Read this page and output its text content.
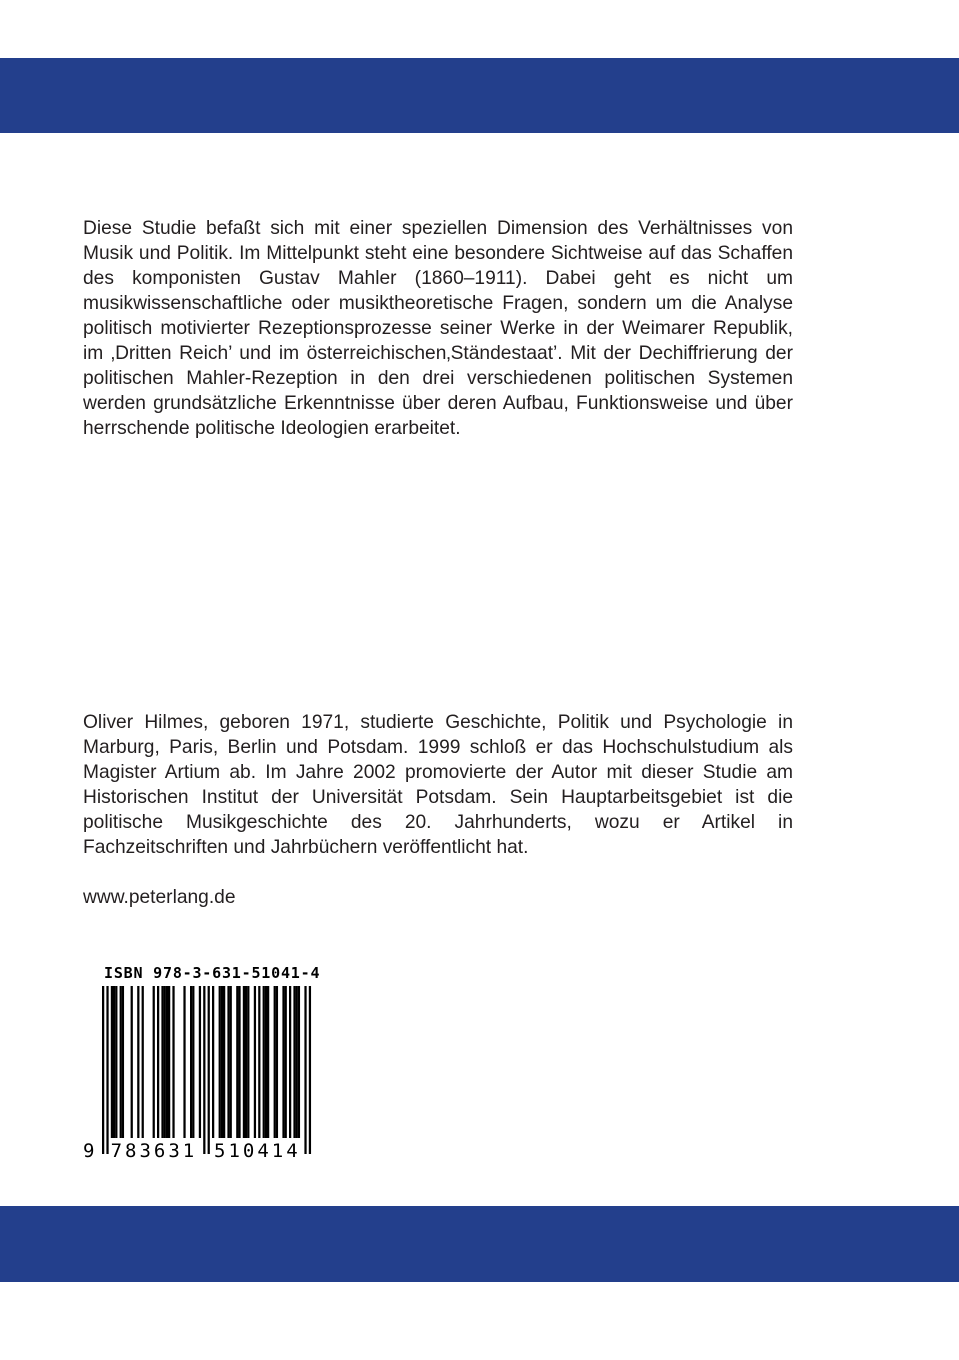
Diese Studie befaßt sich mit einer speziellen Dimension des Verhältnisses von Musik und Politik. Im Mittelpunkt steht eine besondere Sichtweise auf das Schaffen des komponisten Gustav Mahler (1860–1911). Dabei geht es nicht um musikwissenschaftliche oder musiktheoretische Fragen, sondern um die Analyse politisch motivierter Rezeptionsprozesse seiner Werke in der Weimarer Republik, im ‚Dritten Reich’ und im österreichischen‚Ständestaat’. Mit der Dechiffrierung der politischen Mahler-Rezeption in den drei verschiedenen politischen Systemen werden grundsätzliche Erkenntnisse über deren Aufbau, Funktionsweise und über herrschende politische Ideologien erarbeitet.

Oliver Hilmes, geboren 1971, studierte Geschichte, Politik und Psychologie in Marburg, Paris, Berlin und Potsdam. 1999 schloß er das Hochschulstudium als Magister Artium ab. Im Jahre 2002 promovierte der Autor mit dieser Studie am Historischen Institut der Universität Potsdam. Sein Hauptarbeitsgebiet ist die politische Musikgeschichte des 20. Jahrhunderts, wozu er Artikel in Fachzeitschriften und Jahrbüchern veröffentlicht hat.

www.peterlang.de
ISBN 978-3-631-51041-4
9 783631 510414
